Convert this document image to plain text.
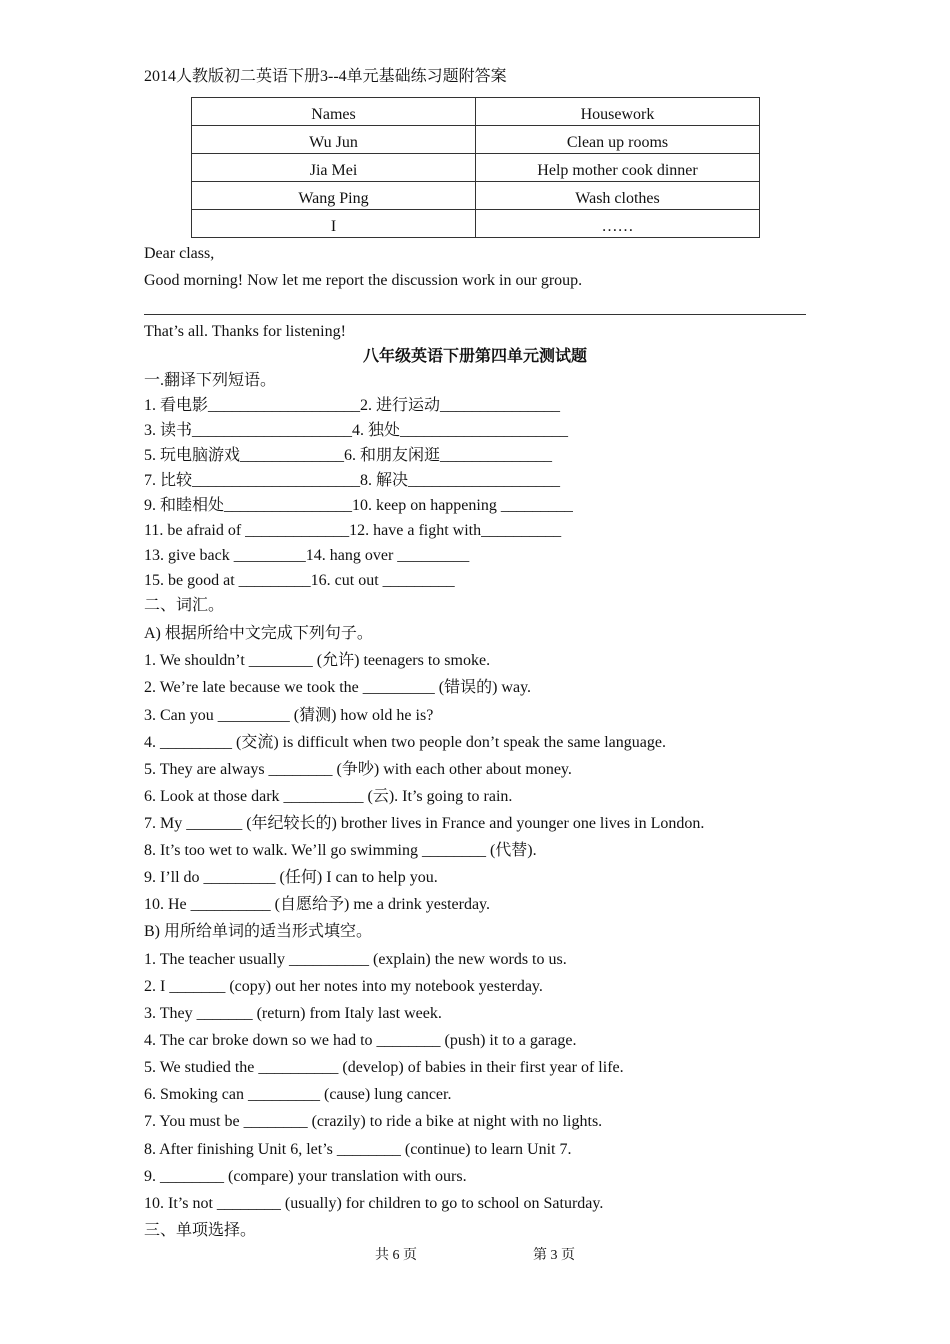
2014人教版初二英语下册3--4单元基础练习题附答案
Names	Housework
Wu Jun	Clean up rooms
Jia Mei	Help mother cook dinner
Wang Ping	Wash clothes
I	……
Dear class,
Good morning! Now let me report the discussion work in our group.
That’s all. Thanks for listening!
八年级英语下册第四单元测试题
一.翻译下列短语。
1. 看电影___________________2. 进行运动_______________
3. 读书____________________4. 独处_____________________
5. 玩电脑游戏_____________6. 和朋友闲逛______________
7. 比较_____________________8. 解决___________________
9. 和睦相处________________10. keep on happening _________
11. be afraid of _____________12. have a fight with__________
13. give back _________14. hang over _________
15. be good at _________16. cut out _________
二、词汇。
A) 根据所给中文完成下列句子。
1. We shouldn’t ________ (允许) teenagers to smoke.
2. We’re late because we took the _________ (错误的) way.
3. Can you _________ (猜测) how old he is?
4. _________ (交流) is difficult when two people don’t speak the same language.
5. They are always ________ (争吵) with each other about money.
6. Look at those dark __________ (云). It’s going to rain.
7. My _______ (年纪较长的) brother lives in France and younger one lives in London.
8. It’s too wet to walk. We’ll go swimming ________ (代替).
9. I’ll do _________ (任何) I can to help you.
10. He __________ (自愿给予) me a drink yesterday.
B) 用所给单词的适当形式填空。
1. The teacher usually __________ (explain) the new words to us.
2. I _______ (copy) out her notes into my notebook yesterday.
3. They _______ (return) from Italy last week.
4. The car broke down so we had to ________ (push) it to a garage.
5. We studied the __________ (develop) of babies in their first year of life.
6. Smoking can _________ (cause) lung cancer.
7. You must be ________ (crazily) to ride a bike at night with no lights.
8. After finishing Unit 6, let’s ________ (continue) to learn Unit 7.
9. ________ (compare) your translation with ours.
10. It’s not ________ (usually) for children to go to school on Saturday.
三、单项选择。
共 6 页	第 3 页
